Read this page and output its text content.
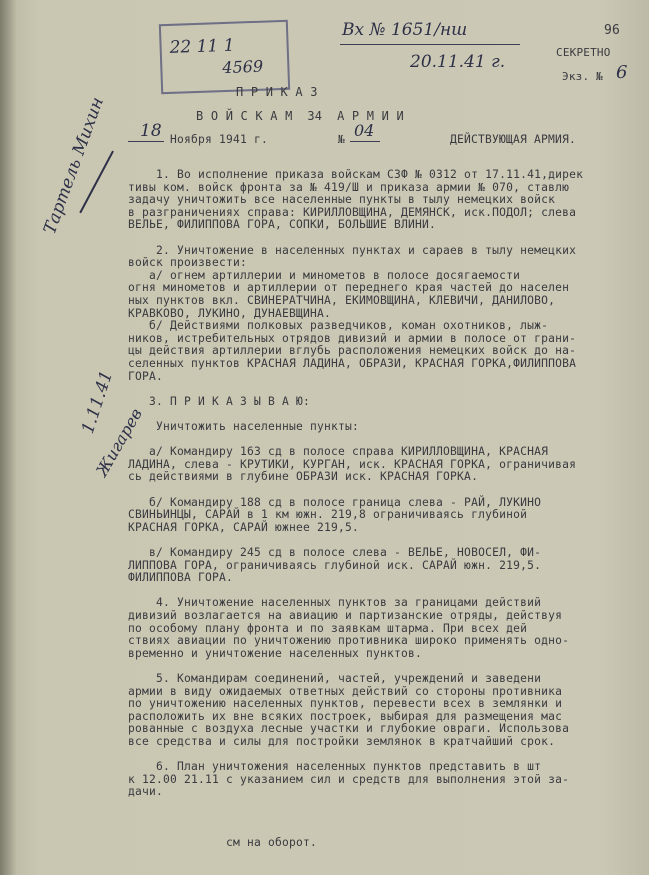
96
22 11 1
4569
Вх № 1651/нш
20.11.41 г.	СЕКРЕТНО
Экз. № 6
П Р И К А З
В О Й С К А М  34  А Р М И И
18 Ноября 1941 г.	№ 04	ДЕЙСТВУЮЩАЯ АРМИЯ.
1. Во исполнение приказа войскам СЗФ № 0312 от 17.11.41,дирек
тивы ком. войск фронта за № 419/Ш и приказа армии № 070, ставлю
задачу уничтожить все населенные пункты в тылу немецких войск
в разграничениях справа: КИРИЛЛОВЩИНА, ДЕМЯНСК, иск.ПОДОЛ; слева
ВЕЛЬЕ, ФИЛИППОВА ГОРА, СОПКИ, БОЛЬШИЕ ВЛИНИ.
2. Уничтожение в населенных пунктах и сараев в тылу немецких
войск произвести:
а/ огнем артиллерии и минометов в полосе досягаемости
огня минометов и артиллерии от переднего края частей до населен
ных пунктов вкл. СВИНЕРАТЧИНА, ЕКИМОВЩИНА, КЛЕВИЧИ, ДАНИЛОВО,
КРАВКОВО, ЛУКИНО, ДУНАЕВЩИНА.
б/ Действиями полковых разведчиков, коман охотников, лыж-
ников, истребительных отрядов дивизий и армии в полосе от грани-
цы действия артиллерии вглубь расположения немецких войск до на-
селенных пунктов КРАСНАЯ ЛАДИНА, ОБРАЗИ, КРАСНАЯ ГОРКА,ФИЛИППОВА
ГОРА.
3. П Р И К А З Ы В А Ю:
Уничтожить населенные пункты:
а/ Командиру 163 сд в полосе справа КИРИЛЛОВЩИНА, КРАСНАЯ
ЛАДИНА, слева - КРУТИКИ, КУРГАН, иск. КРАСНАЯ ГОРКА, ограничивая
сь действиями в глубине ОБРАЗИ иск. КРАСНАЯ ГОРКА.
б/ Командиру 188 сд в полосе граница слева - РАЙ, ЛУКИНО
СВИНЬИНЦЫ, САРАЙ в 1 км южн. 219,8 ограничиваясь глубиной
КРАСНАЯ ГОРКА, САРАЙ южнее 219,5.
в/ Командиру 245 сд в полосе слева - ВЕЛЬЕ, НОВОСЕЛ, ФИ-
ЛИППОВА ГОРА, ограничиваясь глубиной иск. САРАЙ южн. 219,5.
ФИЛИППОВА ГОРА.
4. Уничтожение населенных пунктов за границами действий
дивизий возлагается на авиацию и партизанские отряды, действуя
по особому плану фронта и по заявкам штарма. При всех дей
ствиях авиации по уничтожению противника широко применять одно-
временно и уничтожение населенных пунктов.
5. Командирам соединений, частей, учреждений и заведени
армии в виду ожидаемых ответных действий со стороны противника
по уничтожению населенных пунктов, перевести всех в землянки и
расположить их вне всяких построек, выбирая для размещения мас
рованные с воздуха лесные участки и глубокие овраги. Использова
все средства и силы для постройки землянок в кратчайший срок.
6. План уничтожения населенных пунктов представить в шт
к 12.00 21.11 с указанием сил и средств для выполнения этой за-
дачи.
см на оборот.
Тартель Михин
1.11.41
Жигарев
